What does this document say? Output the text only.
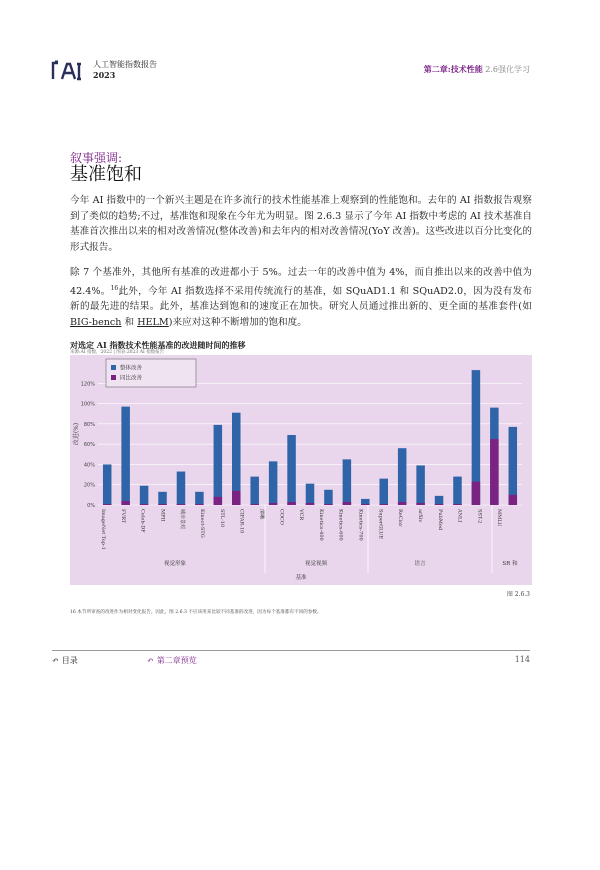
AI 人工智能指数报告
2023
第二章:技术性能 2.6强化学习
叙事强调:
基准饱和

今年 AI 指数中的一个新兴主题是在许多流行的技术性能基准上观察到的性能饱和。去年的 AI 指数报告观察到了类似的趋势;不过，基准饱和现象在今年尤为明显。图 2.6.3 显示了今年 AI 指数中考虑的 AI 技术基准自基准首次推出以来的相对改善情况(整体改善)和去年内的相对改善情况(YoY 改善)。这些改进以百分比变化的形式报告。

除 7 个基准外，其他所有基准的改进都小于 5%。过去一年的改善中值为 4%，而自推出以来的改善中值为 42.4%。$^{16}$此外，今年 AI 指数选择不采用传统流行的基准，如 SQuAD1.1 和 SQuAD2.0，因为没有发布新的最先进的结果。此外，基准达到饱和的速度正在加快。研究人员通过推出新的、更全面的基准套件(如 BIG-bench 和 HELM)来应对这种不断增加的饱和度。

对选定 AI 指数技术性能基准的改进随时间的推移
来源:AI 指数，2022 | 图表:2023 AI 指数报告
0%
20%
40%
60%
80%
100%
120%
改进(%)
ImageNet Top-1	FVRT	Celeb-DF	MPII	城市景观	Kinect-STG	STL-10	CIFAR-10	清晰	COCO	VCR	Kinetics-400	Kinetics-600	Kinetics-700	SuperGLUE	ReClor	arXiv	PubMed	ANLI	SST-2	MMLU
视觉形象	视觉视频	语言	SR 和
基准
整体改善
同比改善
图 2.6.3
16 本节所审查的改进作为相对变化报告。因此，图 2.6.3 不应该用来比较不同基准的改进，因为每个基准都有不同的参数。
↶ 目录	↶ 第二章预览	114
